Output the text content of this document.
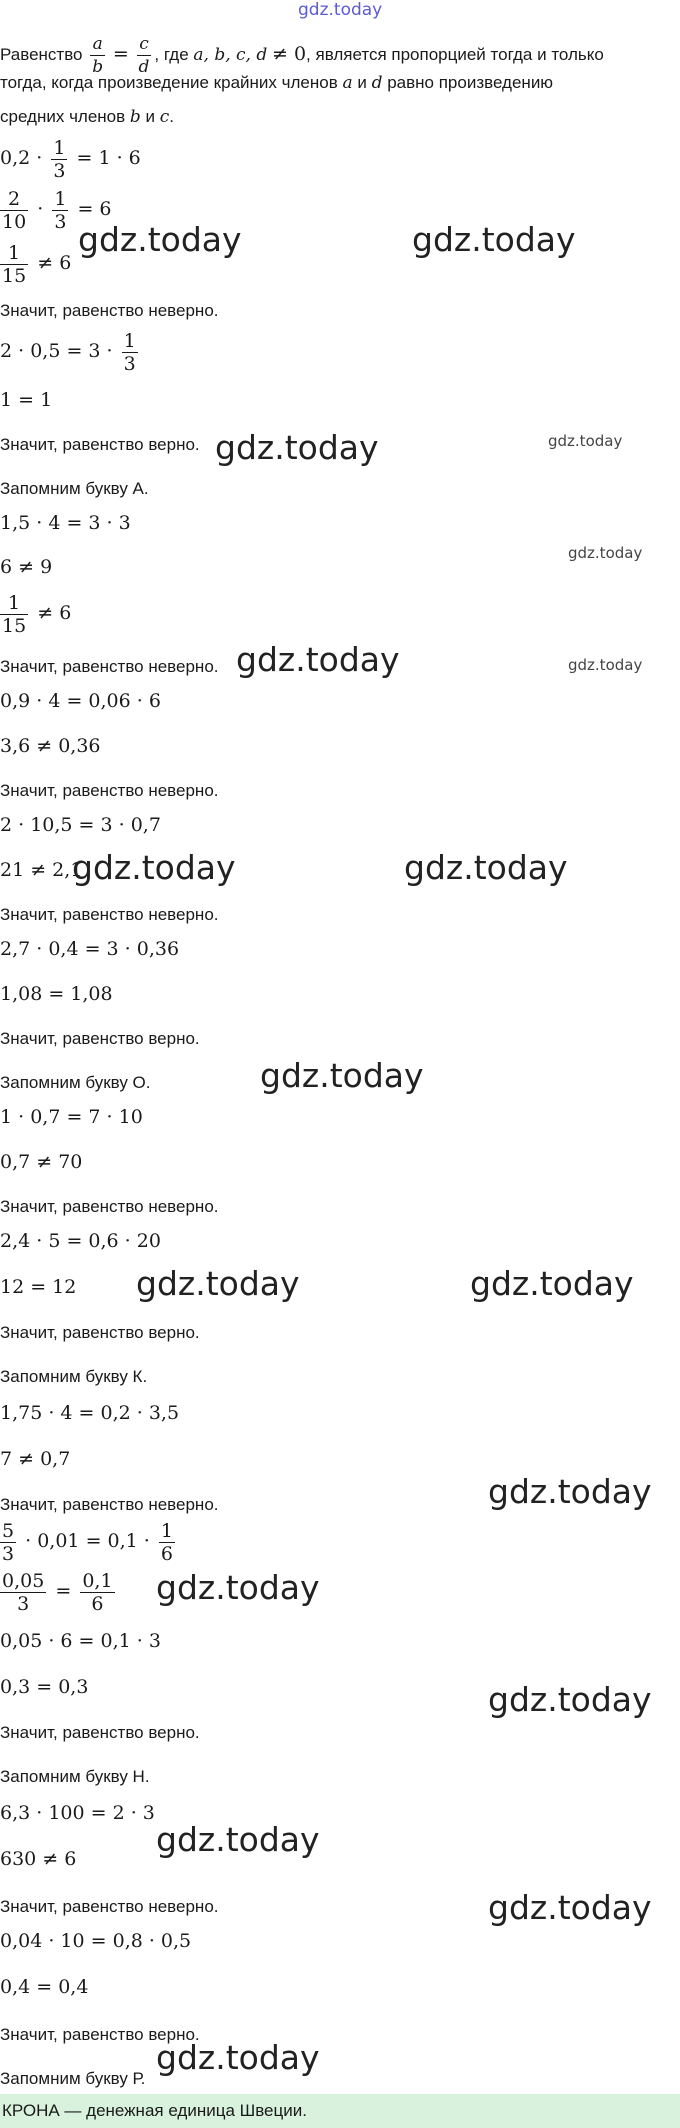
gdz.today
Равенство $\frac{a}{b} = \frac{c}{d}$ , где a, b, c, d ≠ 0, является пропорцией тогда и только
тогда, когда произведение крайних членов a и d равно произведению
средних членов b и c.
$0,2 \cdot \frac{1}{3} = 1 \cdot 6$
$\frac{2}{10} \cdot \frac{1}{3} = 6$
$\frac{1}{15} \ne 6$
Значит, равенство неверно.
$2 \cdot 0,5 = 3 \cdot \frac{1}{3}$
1 = 1
Значит, равенство верно.
Запомним букву А.
1,5 · 4 = 3 · 3
6 ≠ 9
$\frac{1}{15} \ne 6$
Значит, равенство неверно.
0,9 · 4 = 0,06 · 6
3,6 ≠ 0,36
Значит, равенство неверно.
2 · 10,5 = 3 · 0,7
21 ≠ 2,1
Значит, равенство неверно.
2,7 · 0,4 = 3 · 0,36
1,08 = 1,08
Значит, равенство верно.
Запомним букву О.
1 · 0,7 = 7 · 10
0,7 ≠ 70
Значит, равенство неверно.
2,4 · 5 = 0,6 · 20
12 = 12
Значит, равенство верно.
Запомним букву К.
1,75 · 4 = 0,2 · 3,5
7 ≠ 0,7
Значит, равенство неверно.
$\frac{5}{3} \cdot 0,01 = 0,1 \cdot \frac{1}{6}$
$\frac{0,05}{3} = \frac{0,1}{6}$
0,05 · 6 = 0,1 · 3
0,3 = 0,3
Значит, равенство верно.
Запомним букву Н.
6,3 · 100 = 2 · 3
630 ≠ 6
Значит, равенство неверно.
0,04 · 10 = 0,8 · 0,5
0,4 = 0,4
Значит, равенство верно.
Запомним букву Р.
КРОНА — денежная единица Швеции.
gdz.today	gdz.today
gdz.today	gdz.today
gdz.today
gdz.today	gdz.today
gdz.today	gdz.today
gdz.today
gdz.today	gdz.today
gdz.today
gdz.today
gdz.today
gdz.today
gdz.today
gdz.today
